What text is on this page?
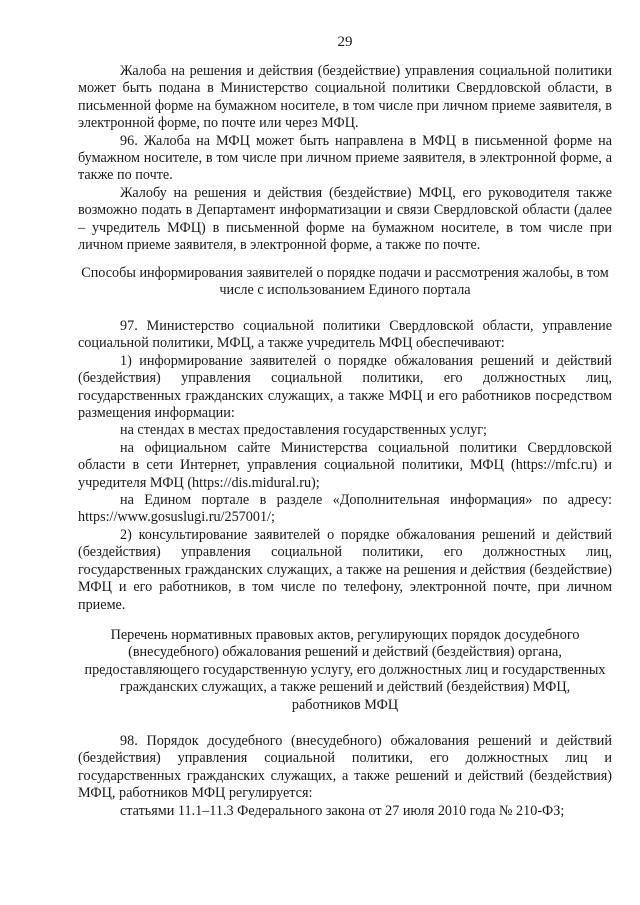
29

Жалоба на решения и действия (бездействие) управления социальной политики может быть подана в Министерство социальной политики Свердловской области, в письменной форме на бумажном носителе, в том числе при личном приеме заявителя, в электронной форме, по почте или через МФЦ.

96. Жалоба на МФЦ может быть направлена в МФЦ в письменной форме на бумажном носителе, в том числе при личном приеме заявителя, в электронной форме, а также по почте.

Жалобу на решения и действия (бездействие) МФЦ, его руководителя также возможно подать в Департамент информатизации и связи Свердловской области (далее – учредитель МФЦ) в письменной форме на бумажном носителе, в том числе при личном приеме заявителя, в электронной форме, а также по почте.

Способы информирования заявителей о порядке подачи и рассмотрения жалобы, в том числе с использованием Единого портала

97. Министерство социальной политики Свердловской области, управление социальной политики, МФЦ, а также учредитель МФЦ обеспечивают:

1) информирование заявителей о порядке обжалования решений и действий (бездействия) управления социальной политики, его должностных лиц, государственных гражданских служащих, а также МФЦ и его работников посредством размещения информации:

на стендах в местах предоставления государственных услуг;

на официальном сайте Министерства социальной политики Свердловской области в сети Интернет, управления социальной политики, МФЦ (https://mfc.ru) и учредителя МФЦ (https://dis.midural.ru);

на Едином портале в разделе «Дополнительная информация» по адресу: https://www.gosuslugi.ru/257001/;

2) консультирование заявителей о порядке обжалования решений и действий (бездействия) управления социальной политики, его должностных лиц, государственных гражданских служащих, а также на решения и действия (бездействие) МФЦ и его работников, в том числе по телефону, электронной почте, при личном приеме.

Перечень нормативных правовых актов, регулирующих порядок досудебного (внесудебного) обжалования решений и действий (бездействия) органа, предоставляющего государственную услугу, его должностных лиц и государственных гражданских служащих, а также решений и действий (бездействия) МФЦ, работников МФЦ

98. Порядок досудебного (внесудебного) обжалования решений и действий (бездействия) управления социальной политики, его должностных лиц и государственных гражданских служащих, а также решений и действий (бездействия) МФЦ, работников МФЦ регулируется:

статьями 11.1–11.3 Федерального закона от 27 июля 2010 года № 210-ФЗ;
